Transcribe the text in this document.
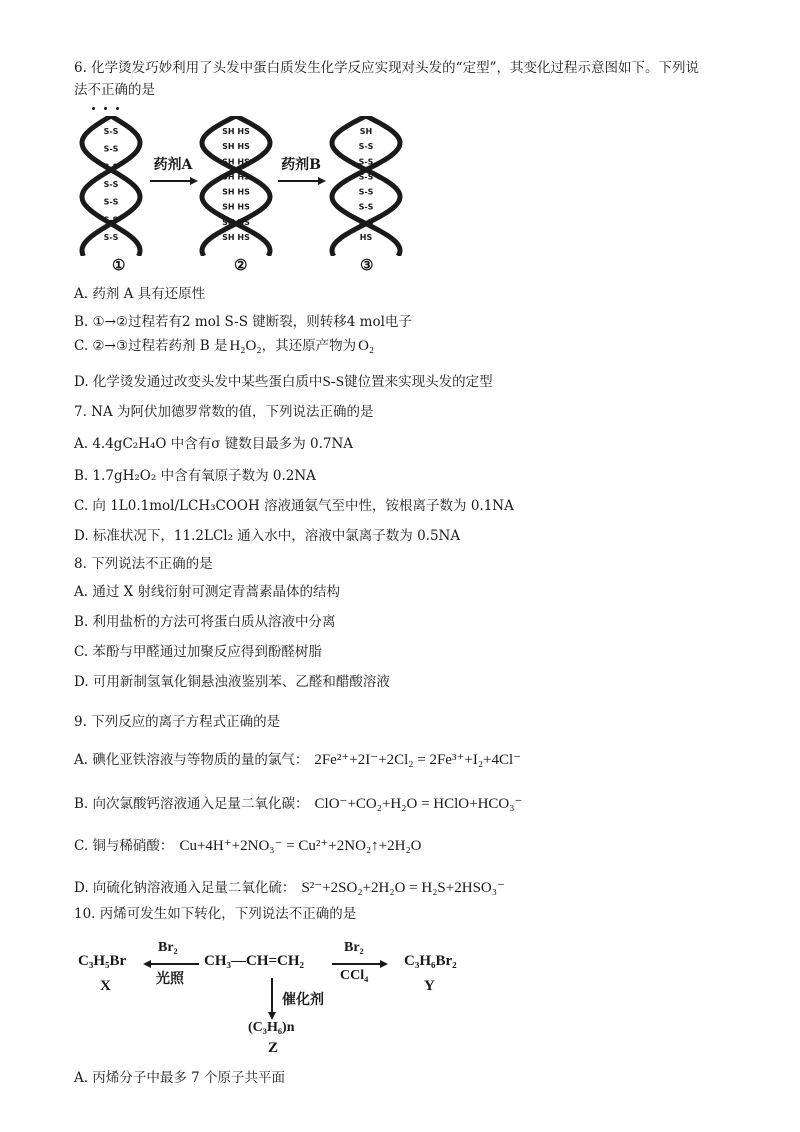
6. 化学烫发巧妙利用了头发中蛋白质发生化学反应实现对头发的“定型”，其变化过程示意图如下。下列说
法不正确的是
S-S
S-S
S-S
S-S
S-S
S-S
S-S
SH HS
SH HS
SH HS
SH HS
SH HS
SH HS
SH HS
SH HS
SH
S-S
S-S
S-S
S-S
S-S
S-S
HS
①	②	③
药剂A	药剂B
A. 药剂 A 具有还原性
B. ①→②过程若有2 mol S-S 键断裂，则转移4 mol电子
C. ②→③过程若药剂 B 是 H₂O₂，其还原产物为 O₂
D. 化学烫发通过改变头发中某些蛋白质中S-S键位置来实现头发的定型
7. NA 为阿伏加德罗常数的值，下列说法正确的是
A. 4.4gC₂H₄O 中含有σ 键数目最多为 0.7NA
B. 1.7gH₂O₂ 中含有氧原子数为 0.2NA
C. 向 1L0.1mol/LCH₃COOH 溶液通氨气至中性，铵根离子数为 0.1NA
D. 标准状况下，11.2LCl₂ 通入水中，溶液中氯离子数为 0.5NA
8. 下列说法不正确的是
A. 通过 X 射线衍射可测定青蒿素晶体的结构
B. 利用盐析的方法可将蛋白质从溶液中分离
C. 苯酚与甲醛通过加聚反应得到酚醛树脂
D. 可用新制氢氧化铜悬浊液鉴别苯、乙醛和醋酸溶液
9. 下列反应的离子方程式正确的是
A. 碘化亚铁溶液与等物质的量的氯气： 2Fe²⁺+2I⁻+2Cl₂ = 2Fe³⁺+I₂+4Cl⁻
B. 向次氯酸钙溶液通入足量二氧化碳： ClO⁻+CO₂+H₂O = HClO+HCO₃⁻
C. 铜与稀硝酸： Cu+4H⁺+2NO₃⁻ = Cu²⁺+2NO₂↑+2H₂O
D. 向硫化钠溶液通入足量二氧化硫： S²⁻+2SO₂+2H₂O = H₂S+2HSO₃⁻
10. 丙烯可发生如下转化，下列说法不正确的是
C₃H₅Br
X
Br₂
光照
CH₃—CH=CH₂
Br₂
CCl₄
C₃H₆Br₂
Y
催化剂
(C₃H₆)n
Z
A. 丙烯分子中最多 7 个原子共平面
